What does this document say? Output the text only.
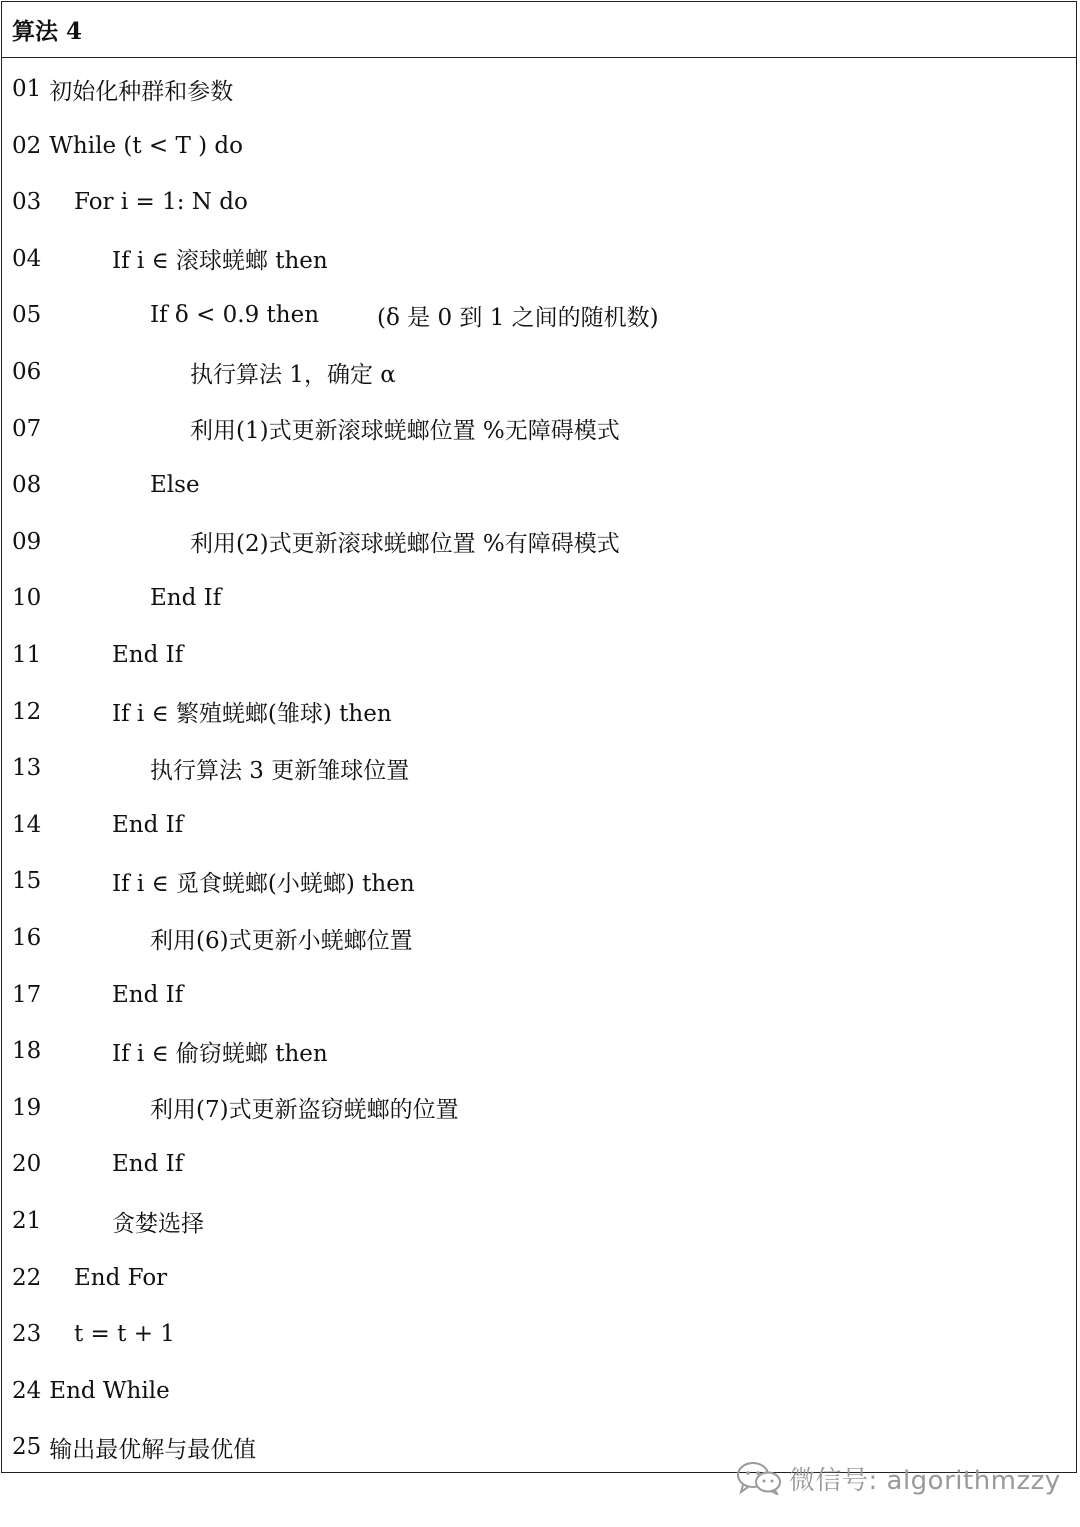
算法 4
01 初始化种群和参数
02 While (t < T ) do
03 For i = 1: N do
04	If i ∈ 滚球蜣螂 then
05	If δ < 0.9 then	(δ 是 0 到 1 之间的随机数)
06	执行算法 1，确定 α
07	利用(1)式更新滚球蜣螂位置 %无障碍模式
08	Else
09	利用(2)式更新滚球蜣螂位置 %有障碍模式
10	End If
11	End If
12	If i ∈ 繁殖蜣螂(雏球) then
13	执行算法 3 更新雏球位置
14	End If
15	If i ∈ 觅食蜣螂(小蜣螂) then
16	利用(6)式更新小蜣螂位置
17	End If
18	If i ∈ 偷窃蜣螂 then
19	利用(7)式更新盗窃蜣螂的位置
20	End If
21	贪婪选择
22 End For
23 t = t + 1
24 End While
25 输出最优解与最优值
微信号: algorithmzzy
